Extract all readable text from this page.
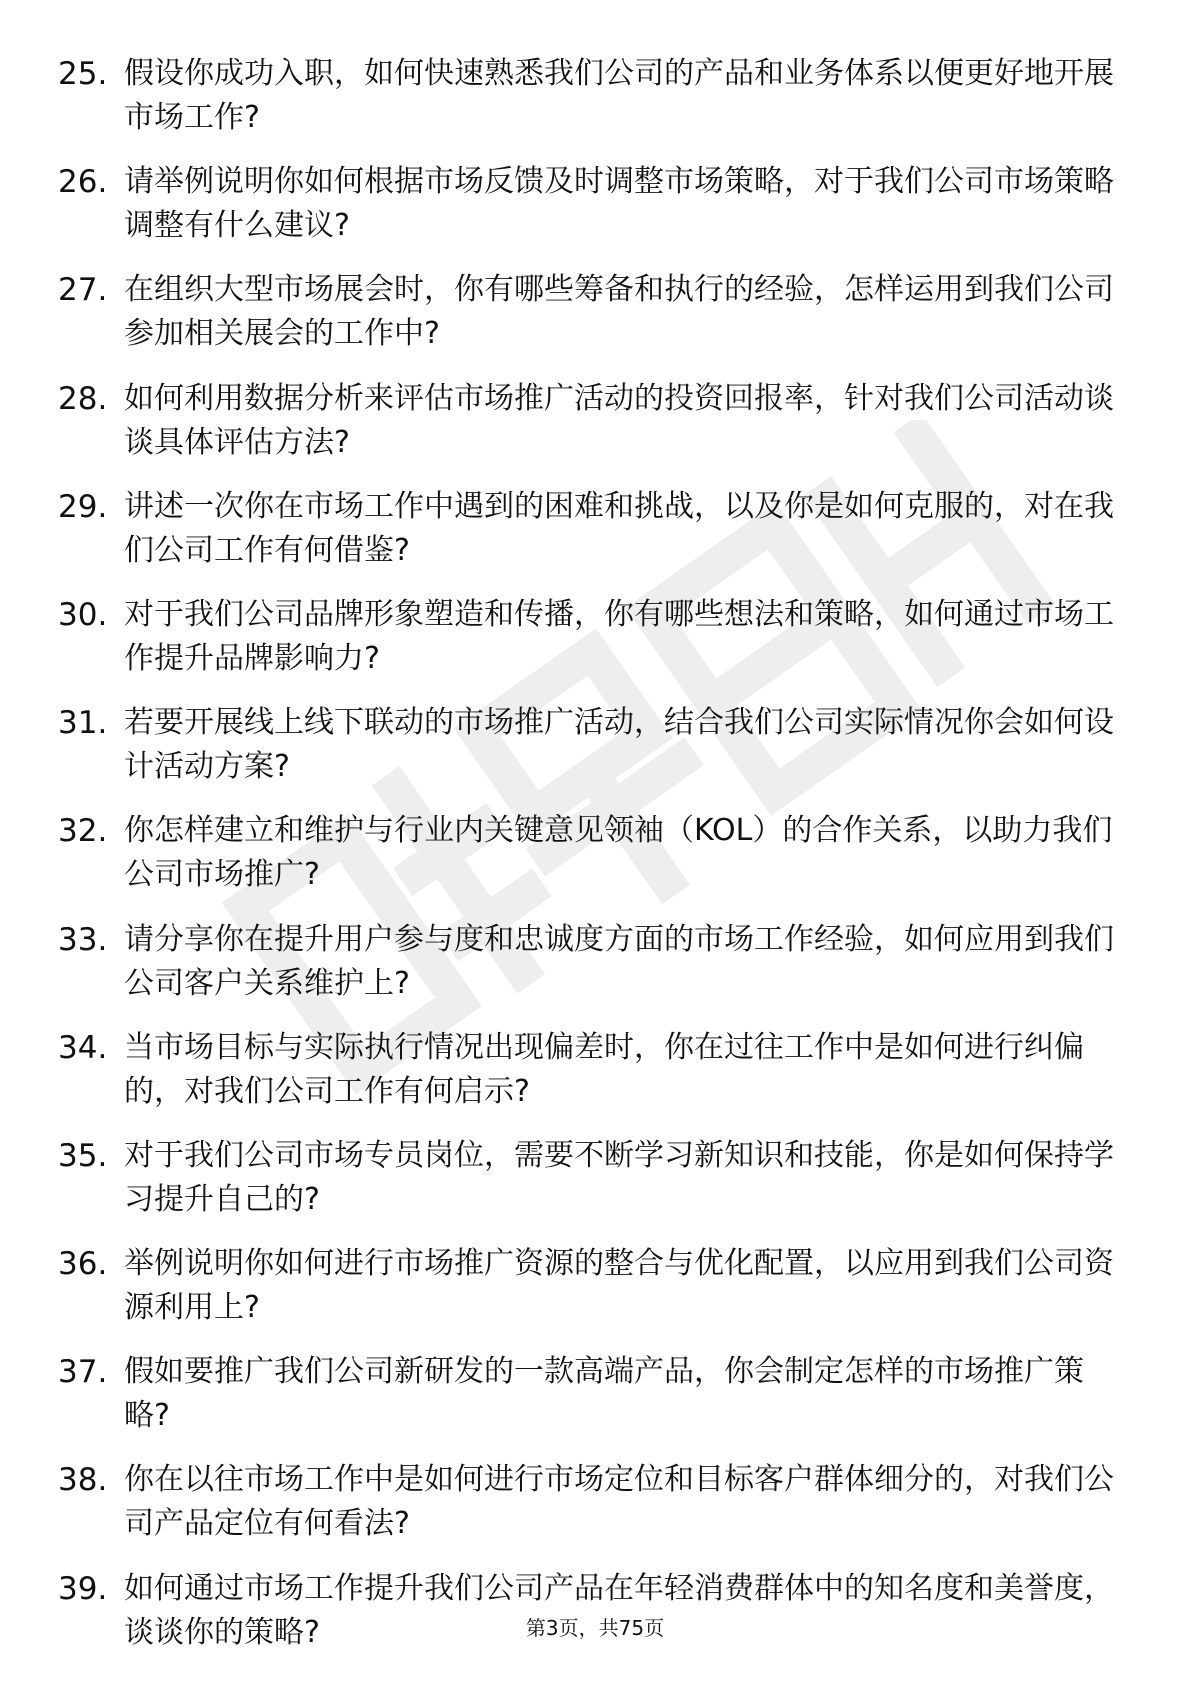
25. 假设你成功入职，如何快速熟悉我们公司的产品和业务体系以便更好地开展市场工作?
26. 请举例说明你如何根据市场反馈及时调整市场策略，对于我们公司市场策略调整有什么建议?
27. 在组织大型市场展会时，你有哪些筹备和执行的经验，怎样运用到我们公司参加相关展会的工作中?
28. 如何利用数据分析来评估市场推广活动的投资回报率，针对我们公司活动谈谈具体评估方法?
29. 讲述一次你在市场工作中遇到的困难和挑战，以及你是如何克服的，对在我们公司工作有何借鉴?
30. 对于我们公司品牌形象塑造和传播，你有哪些想法和策略，如何通过市场工作提升品牌影响力?
31. 若要开展线上线下联动的市场推广活动，结合我们公司实际情况你会如何设计活动方案?
32. 你怎样建立和维护与行业内关键意见领袖（KOL）的合作关系，以助力我们公司市场推广?
33. 请分享你在提升用户参与度和忠诚度方面的市场工作经验，如何应用到我们公司客户关系维护上?
34. 当市场目标与实际执行情况出现偏差时，你在过往工作中是如何进行纠偏的，对我们公司工作有何启示?
35. 对于我们公司市场专员岗位，需要不断学习新知识和技能，你是如何保持学习提升自己的?
36. 举例说明你如何进行市场推广资源的整合与优化配置，以应用到我们公司资源利用上?
37. 假如要推广我们公司新研发的一款高端产品，你会制定怎样的市场推广策略?
38. 你在以往市场工作中是如何进行市场定位和目标客户群体细分的，对我们公司产品定位有何看法?
39. 如何通过市场工作提升我们公司产品在年轻消费群体中的知名度和美誉度，谈谈你的策略?	第3页，共75页
